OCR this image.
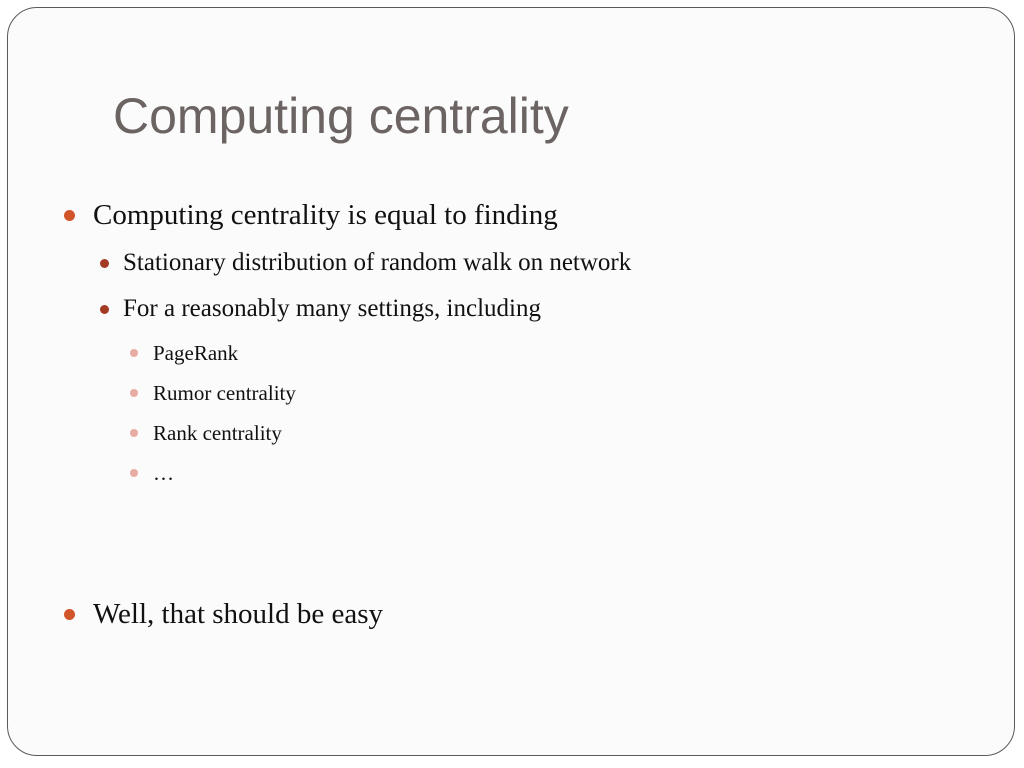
Computing centrality
Computing centrality is equal to finding
Stationary distribution of random walk on network
For a reasonably many settings, including
PageRank
Rumor centrality
Rank centrality
…
Well, that should be easy
